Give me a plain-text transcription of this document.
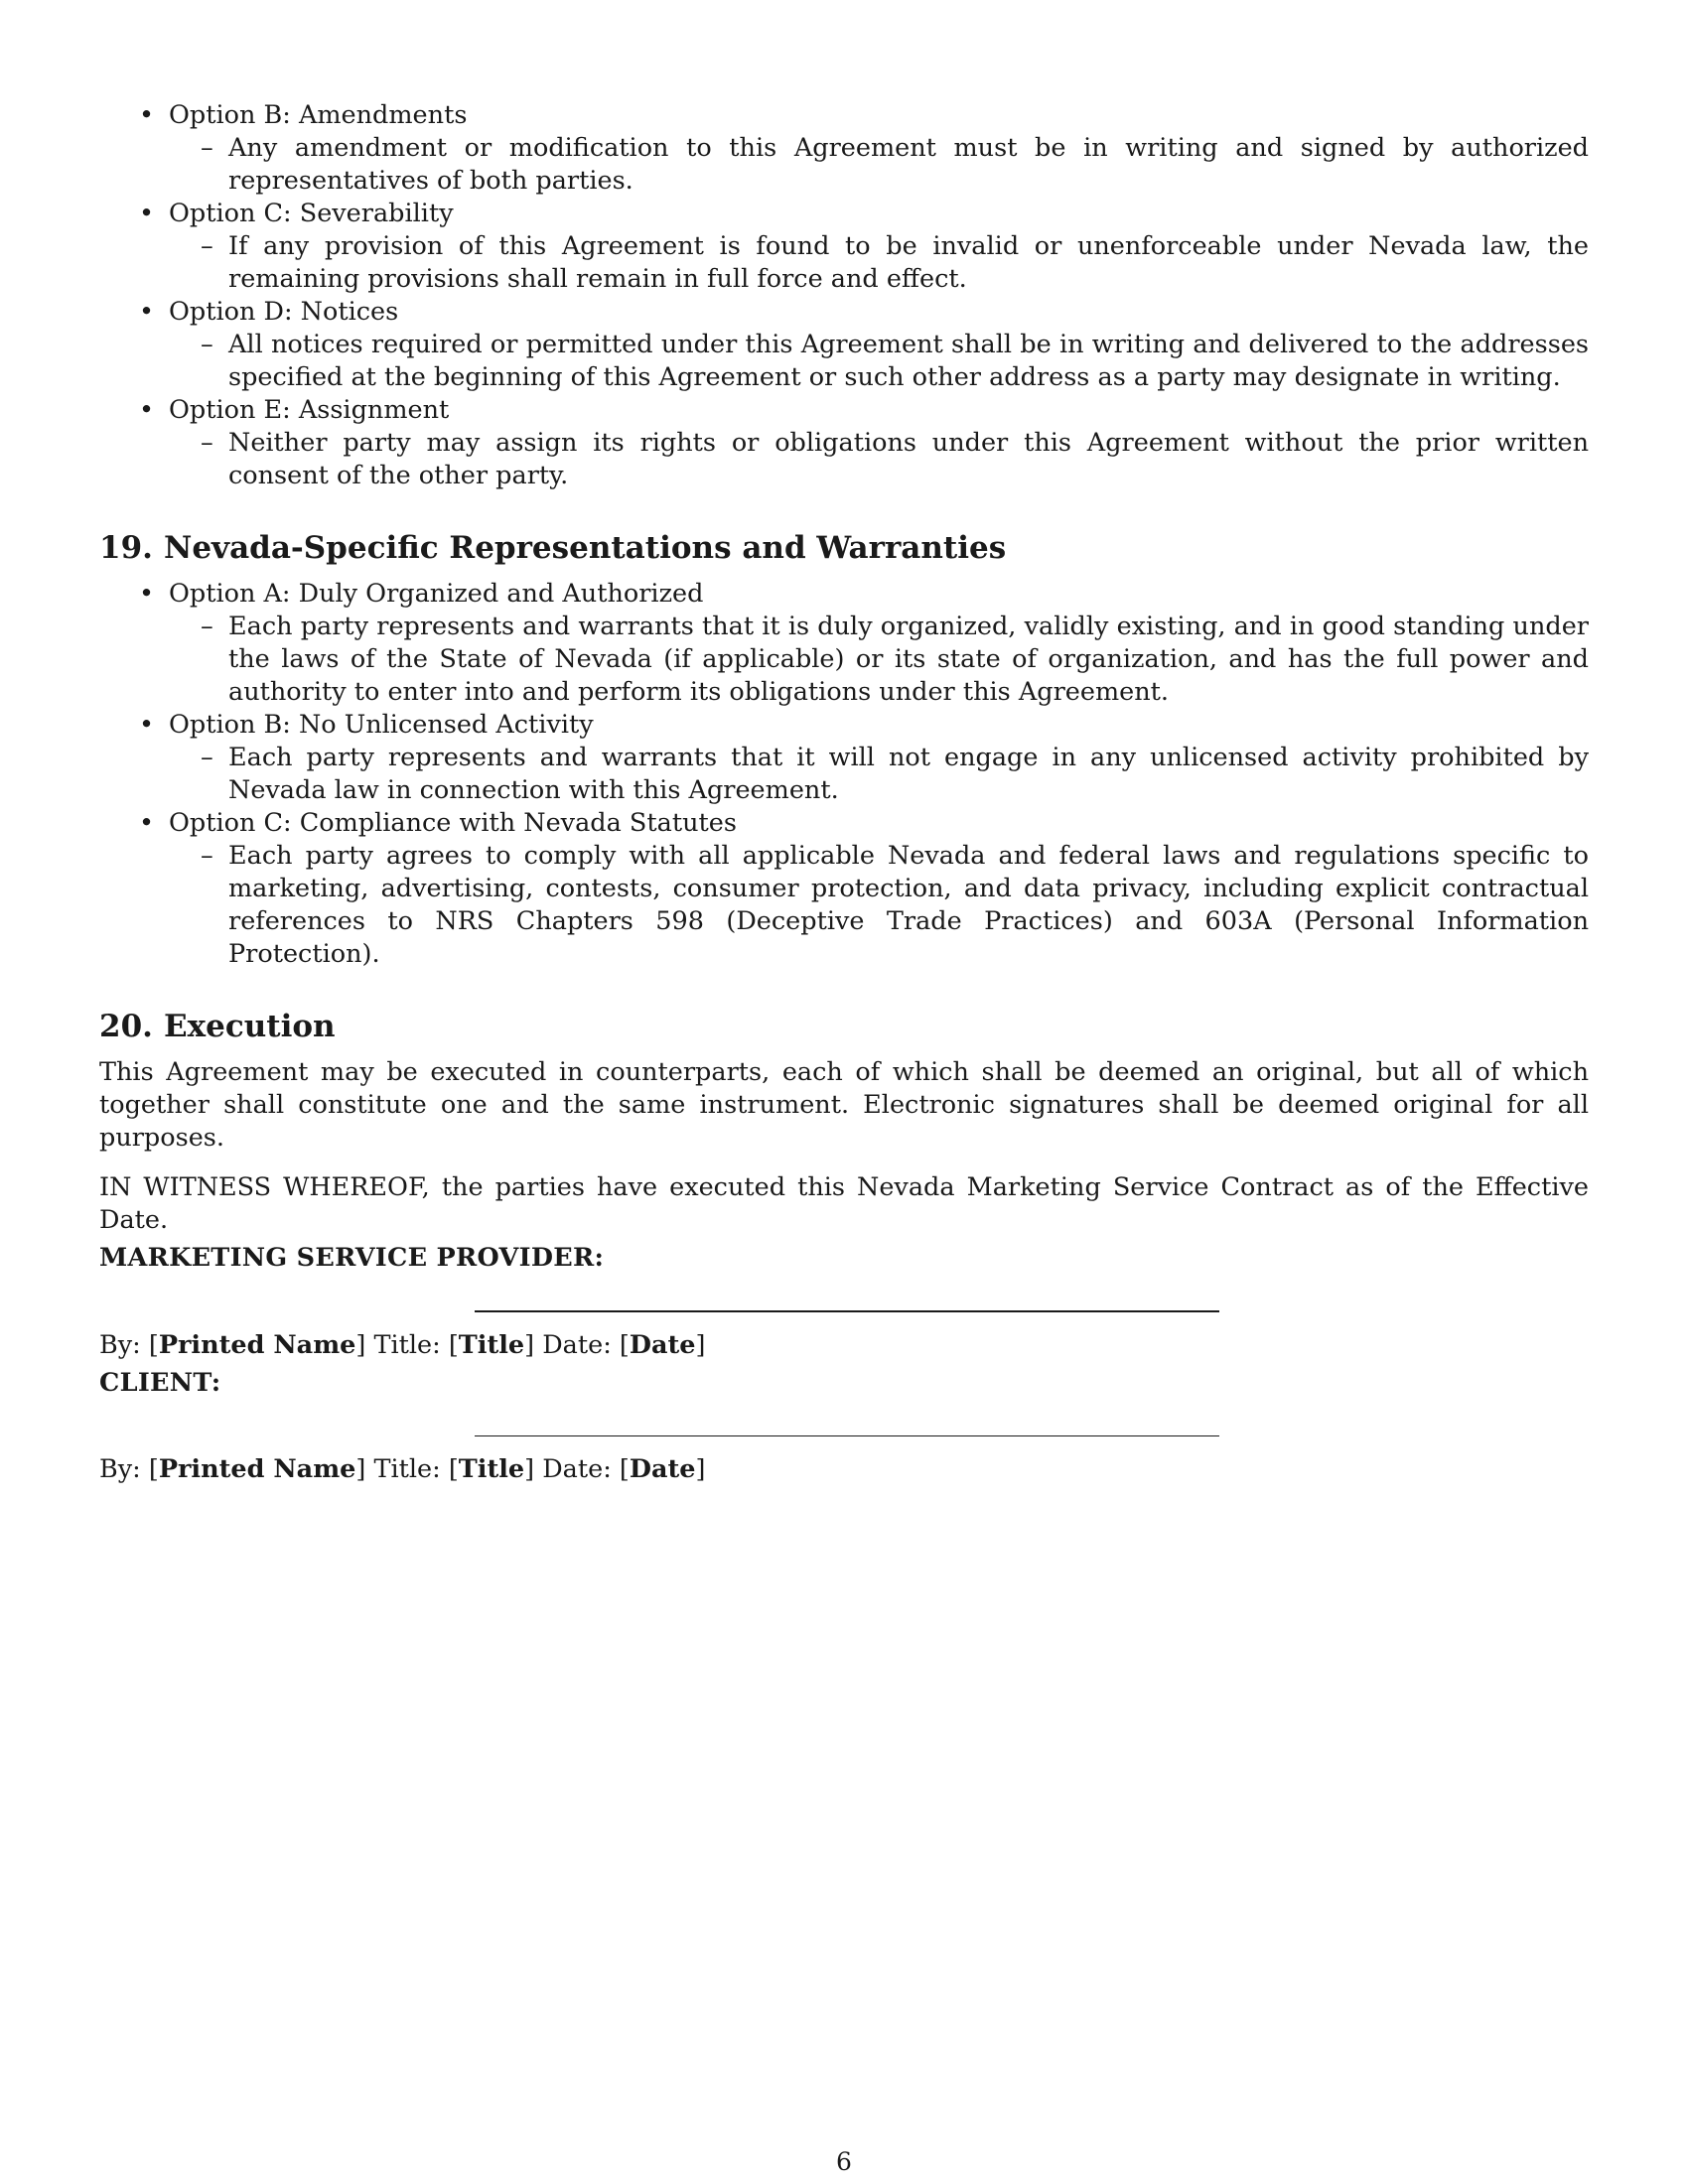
• Option B: Amendments
– Any amendment or modification to this Agreement must be in writing and signed by authorized representatives of both parties.
• Option C: Severability
– If any provision of this Agreement is found to be invalid or unenforceable under Nevada law, the remaining provisions shall remain in full force and effect.
• Option D: Notices
– All notices required or permitted under this Agreement shall be in writing and delivered to the addresses specified at the beginning of this Agreement or such other address as a party may designate in writing.
• Option E: Assignment
– Neither party may assign its rights or obligations under this Agreement without the prior written consent of the other party.
19. Nevada-Specific Representations and Warranties
• Option A: Duly Organized and Authorized
– Each party represents and warrants that it is duly organized, validly existing, and in good standing under the laws of the State of Nevada (if applicable) or its state of organization, and has the full power and authority to enter into and perform its obligations under this Agreement.
• Option B: No Unlicensed Activity
– Each party represents and warrants that it will not engage in any unlicensed activity prohibited by Nevada law in connection with this Agreement.
• Option C: Compliance with Nevada Statutes
– Each party agrees to comply with all applicable Nevada and federal laws and regulations specific to marketing, advertising, contests, consumer protection, and data privacy, including explicit contractual references to NRS Chapters 598 (Deceptive Trade Practices) and 603A (Personal Information Protection).
20. Execution

This Agreement may be executed in counterparts, each of which shall be deemed an original, but all of which together shall constitute one and the same instrument. Electronic signatures shall be deemed original for all purposes.

IN WITNESS WHEREOF, the parties have executed this Nevada Marketing Service Contract as of the Effective Date.

MARKETING SERVICE PROVIDER:
By: [Printed Name] Title: [Title] Date: [Date]
CLIENT:
By: [Printed Name] Title: [Title] Date: [Date]
6
